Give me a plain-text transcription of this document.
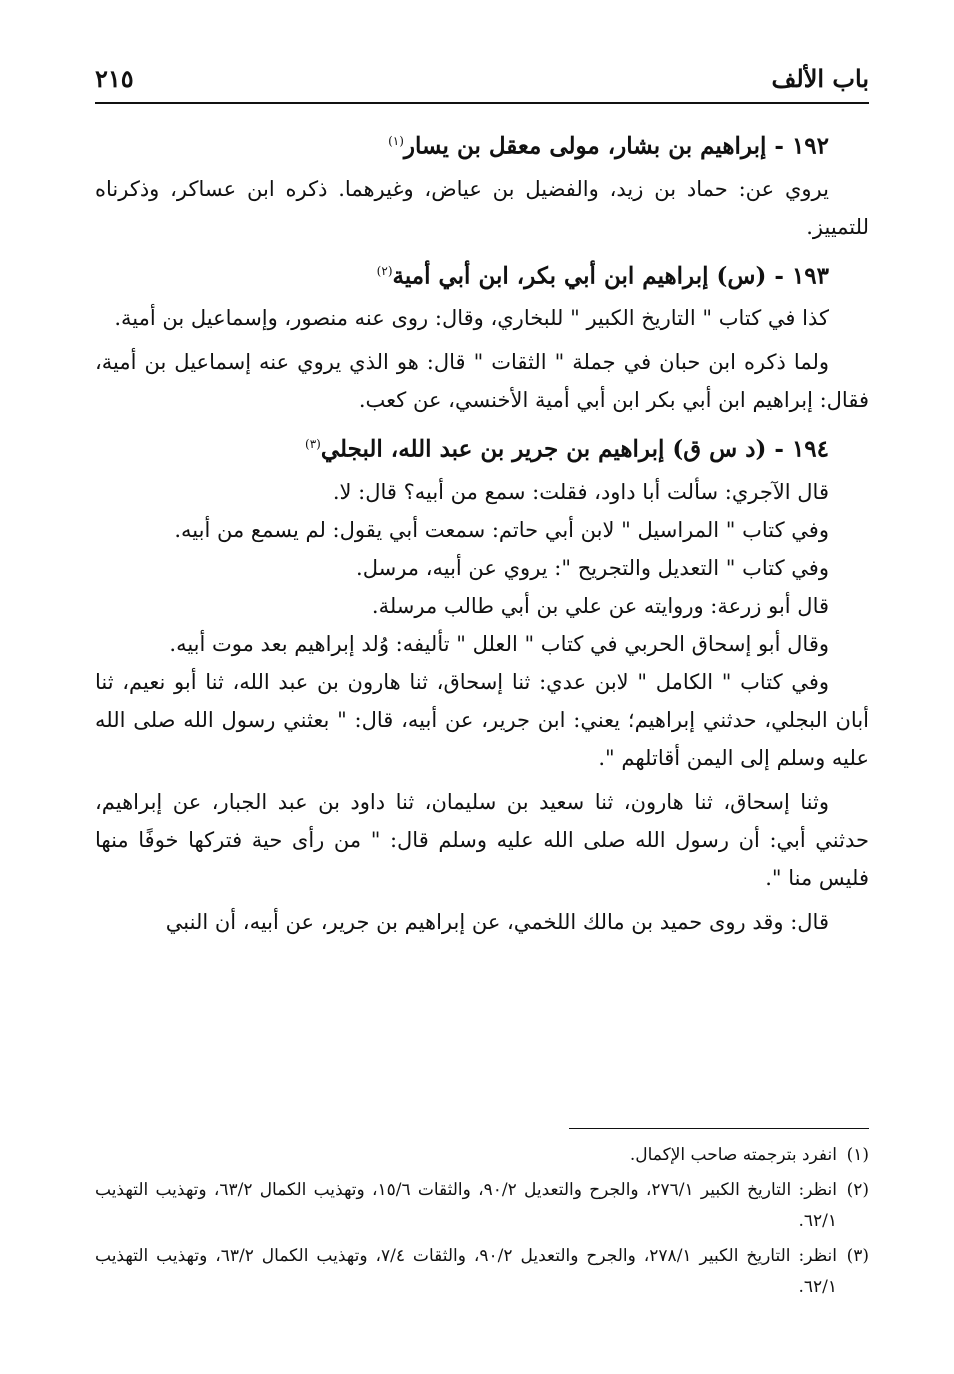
باب الألف
٢١٥

١٩٢ - إبراهيم بن بشار، مولى معقل بن يسار$^{(١)}$

يروي عن: حماد بن زيد، والفضيل بن عياض، وغيرهما. ذكره ابن عساكر، وذكرناه للتمييز.

١٩٣ - (س) إبراهيم ابن أبي بكر، ابن أبي أمية$^{(٢)}$

كذا في كتاب " التاريخ الكبير " للبخاري، وقال: روى عنه منصور، وإسماعيل بن أمية.

ولما ذكره ابن حبان في جملة " الثقات " قال: هو الذي يروي عنه إسماعيل بن أمية، فقال: إبراهيم ابن أبي بكر ابن أبي أمية الأخنسي، عن كعب.

١٩٤ - (د س ق) إبراهيم بن جرير بن عبد الله، البجلي$^{(٣)}$

قال الآجري: سألت أبا داود، فقلت: سمع من أبيه؟ قال: لا.

وفي كتاب " المراسيل " لابن أبي حاتم: سمعت أبي يقول: لم يسمع من أبيه.

وفي كتاب " التعديل والتجريح ": يروي عن أبيه، مرسل.

قال أبو زرعة: وروايته عن علي بن أبي طالب مرسلة.

وقال أبو إسحاق الحربي في كتاب " العلل " تأليفه: وُلد إبراهيم بعد موت أبيه.

وفي كتاب " الكامل " لابن عدي: ثنا إسحاق، ثنا هارون بن عبد الله، ثنا أبو نعيم، ثنا أبان البجلي، حدثني إبراهيم؛ يعني: ابن جرير، عن أبيه، قال: " بعثني رسول الله صلى الله عليه وسلم إلى اليمن أقاتلهم ".

وثنا إسحاق، ثنا هارون، ثنا سعيد بن سليمان، ثنا داود بن عبد الجبار، عن إبراهيم، حدثني أبي: أن رسول الله صلى الله عليه وسلم قال: " من رأى حية فتركها خوفًا منها فليس منا ".

قال: وقد روى حميد بن مالك اللخمي، عن إبراهيم بن جرير، عن أبيه، أن النبي

(١)انفرد بترجمته صاحب الإكمال.

(٢)انظر: التاريخ الكبير ٢٧٦/١، والجرح والتعديل ٩٠/٢، والثقات ١٥/٦، وتهذيب الكمال ٦٣/٢، وتهذيب التهذيب ٦٢/١.

(٣)انظر: التاريخ الكبير ٢٧٨/١، والجرح والتعديل ٩٠/٢، والثقات ٧/٤، وتهذيب الكمال ٦٣/٢، وتهذيب التهذيب ٦٢/١.
